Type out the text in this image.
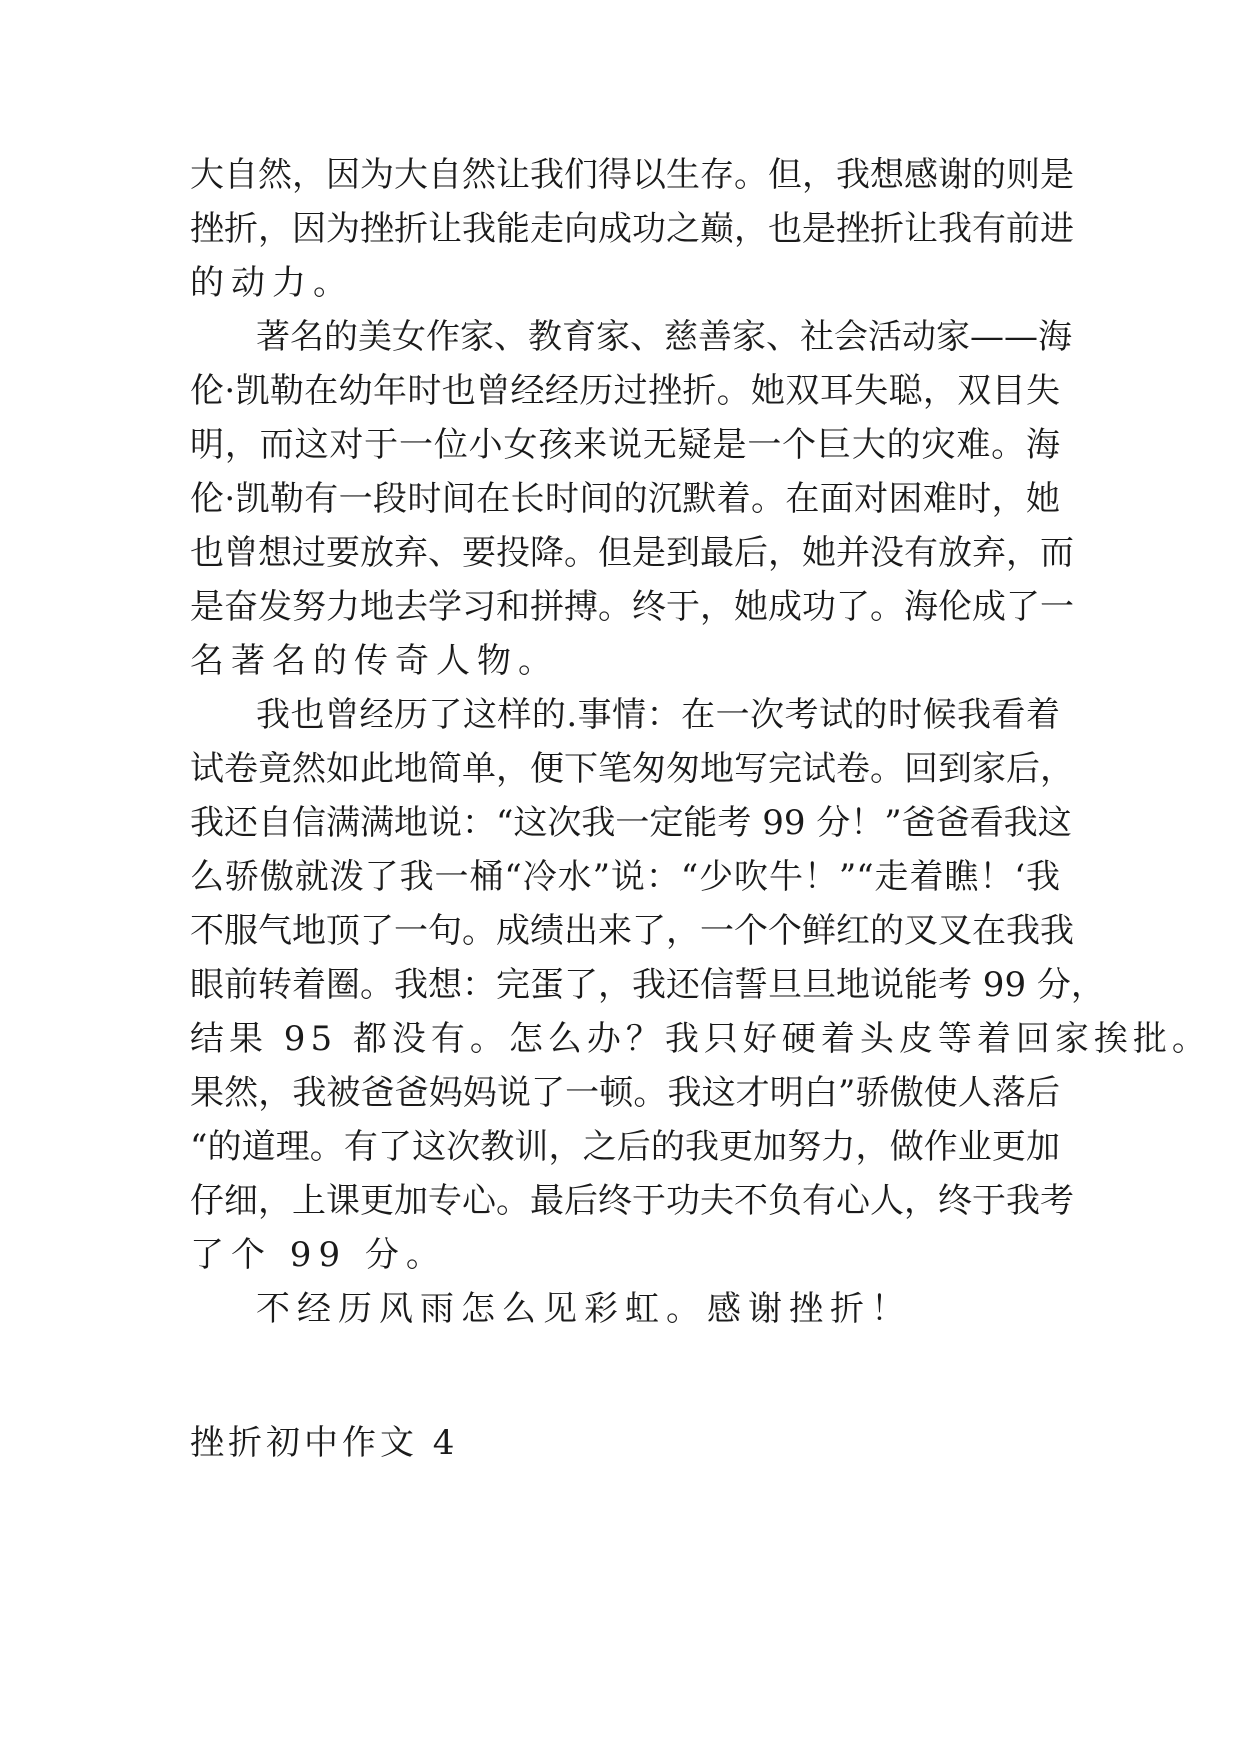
大自然，因为大自然让我们得以生存。但，我想感谢的则是
挫折，因为挫折让我能走向成功之巅，也是挫折让我有前进
的动力。
著名的美女作家、教育家、慈善家、社会活动家——海
伦·凯勒在幼年时也曾经经历过挫折。她双耳失聪，双目失
明，而这对于一位小女孩来说无疑是一个巨大的灾难。海
伦·凯勒有一段时间在长时间的沉默着。在面对困难时，她
也曾想过要放弃、要投降。但是到最后，她并没有放弃，而
是奋发努力地去学习和拼搏。终于，她成功了。海伦成了一
名著名的传奇人物。
我也曾经历了这样的.事情：在一次考试的时候我看着
试卷竟然如此地简单，便下笔匆匆地写完试卷。回到家后，
我还自信满满地说：“这次我一定能考 99 分！”爸爸看我这
么骄傲就泼了我一桶“冷水”说：“少吹牛！”“走着瞧！‘我
不服气地顶了一句。成绩出来了，一个个鲜红的叉叉在我我
眼前转着圈。我想：完蛋了，我还信誓旦旦地说能考 99 分，
结果 95 都没有。怎么办？我只好硬着头皮等着回家挨批。
果然，我被爸爸妈妈说了一顿。我这才明白”骄傲使人落后
“的道理。有了这次教训，之后的我更加努力，做作业更加
仔细，上课更加专心。最后终于功夫不负有心人，终于我考
了个 99 分。
不经历风雨怎么见彩虹。感谢挫折！
挫折初中作文 4
